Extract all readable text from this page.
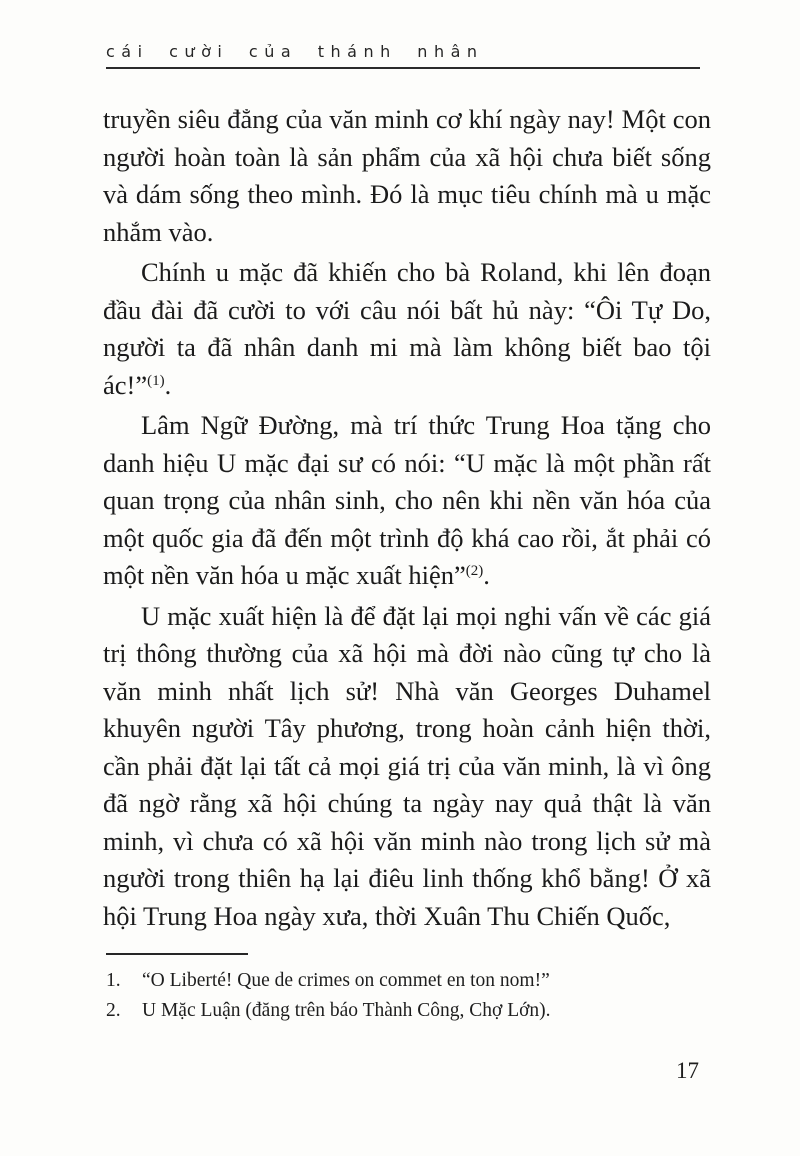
cái cười của thánh nhân

truyền siêu đẳng của văn minh cơ khí ngày nay! Một con người hoàn toàn là sản phẩm của xã hội chưa biết sống và dám sống theo mình. Đó là mục tiêu chính mà u mặc nhắm vào.

Chính u mặc đã khiến cho bà Roland, khi lên đoạn đầu đài đã cười to với câu nói bất hủ này: “Ôi Tự Do, người ta đã nhân danh mi mà làm không biết bao tội ác!”$^{(1)}$.

Lâm Ngữ Đường, mà trí thức Trung Hoa tặng cho danh hiệu U mặc đại sư có nói: “U mặc là một phần rất quan trọng của nhân sinh, cho nên khi nền văn hóa của một quốc gia đã đến một trình độ khá cao rồi, ắt phải có một nền văn hóa u mặc xuất hiện”$^{(2)}$.

U mặc xuất hiện là để đặt lại mọi nghi vấn về các giá trị thông thường của xã hội mà đời nào cũng tự cho là văn minh nhất lịch sử! Nhà văn Georges Duhamel khuyên người Tây phương, trong hoàn cảnh hiện thời, cần phải đặt lại tất cả mọi giá trị của văn minh, là vì ông đã ngờ rằng xã hội chúng ta ngày nay quả thật là văn minh, vì chưa có xã hội văn minh nào trong lịch sử mà người trong thiên hạ lại điêu linh thống khổ bằng! Ở xã hội Trung Hoa ngày xưa, thời Xuân Thu Chiến Quốc,

1.	“O Liberté! Que de crimes on commet en ton nom!”
2.	U Mặc Luận (đăng trên báo Thành Công, Chợ Lớn).
17
